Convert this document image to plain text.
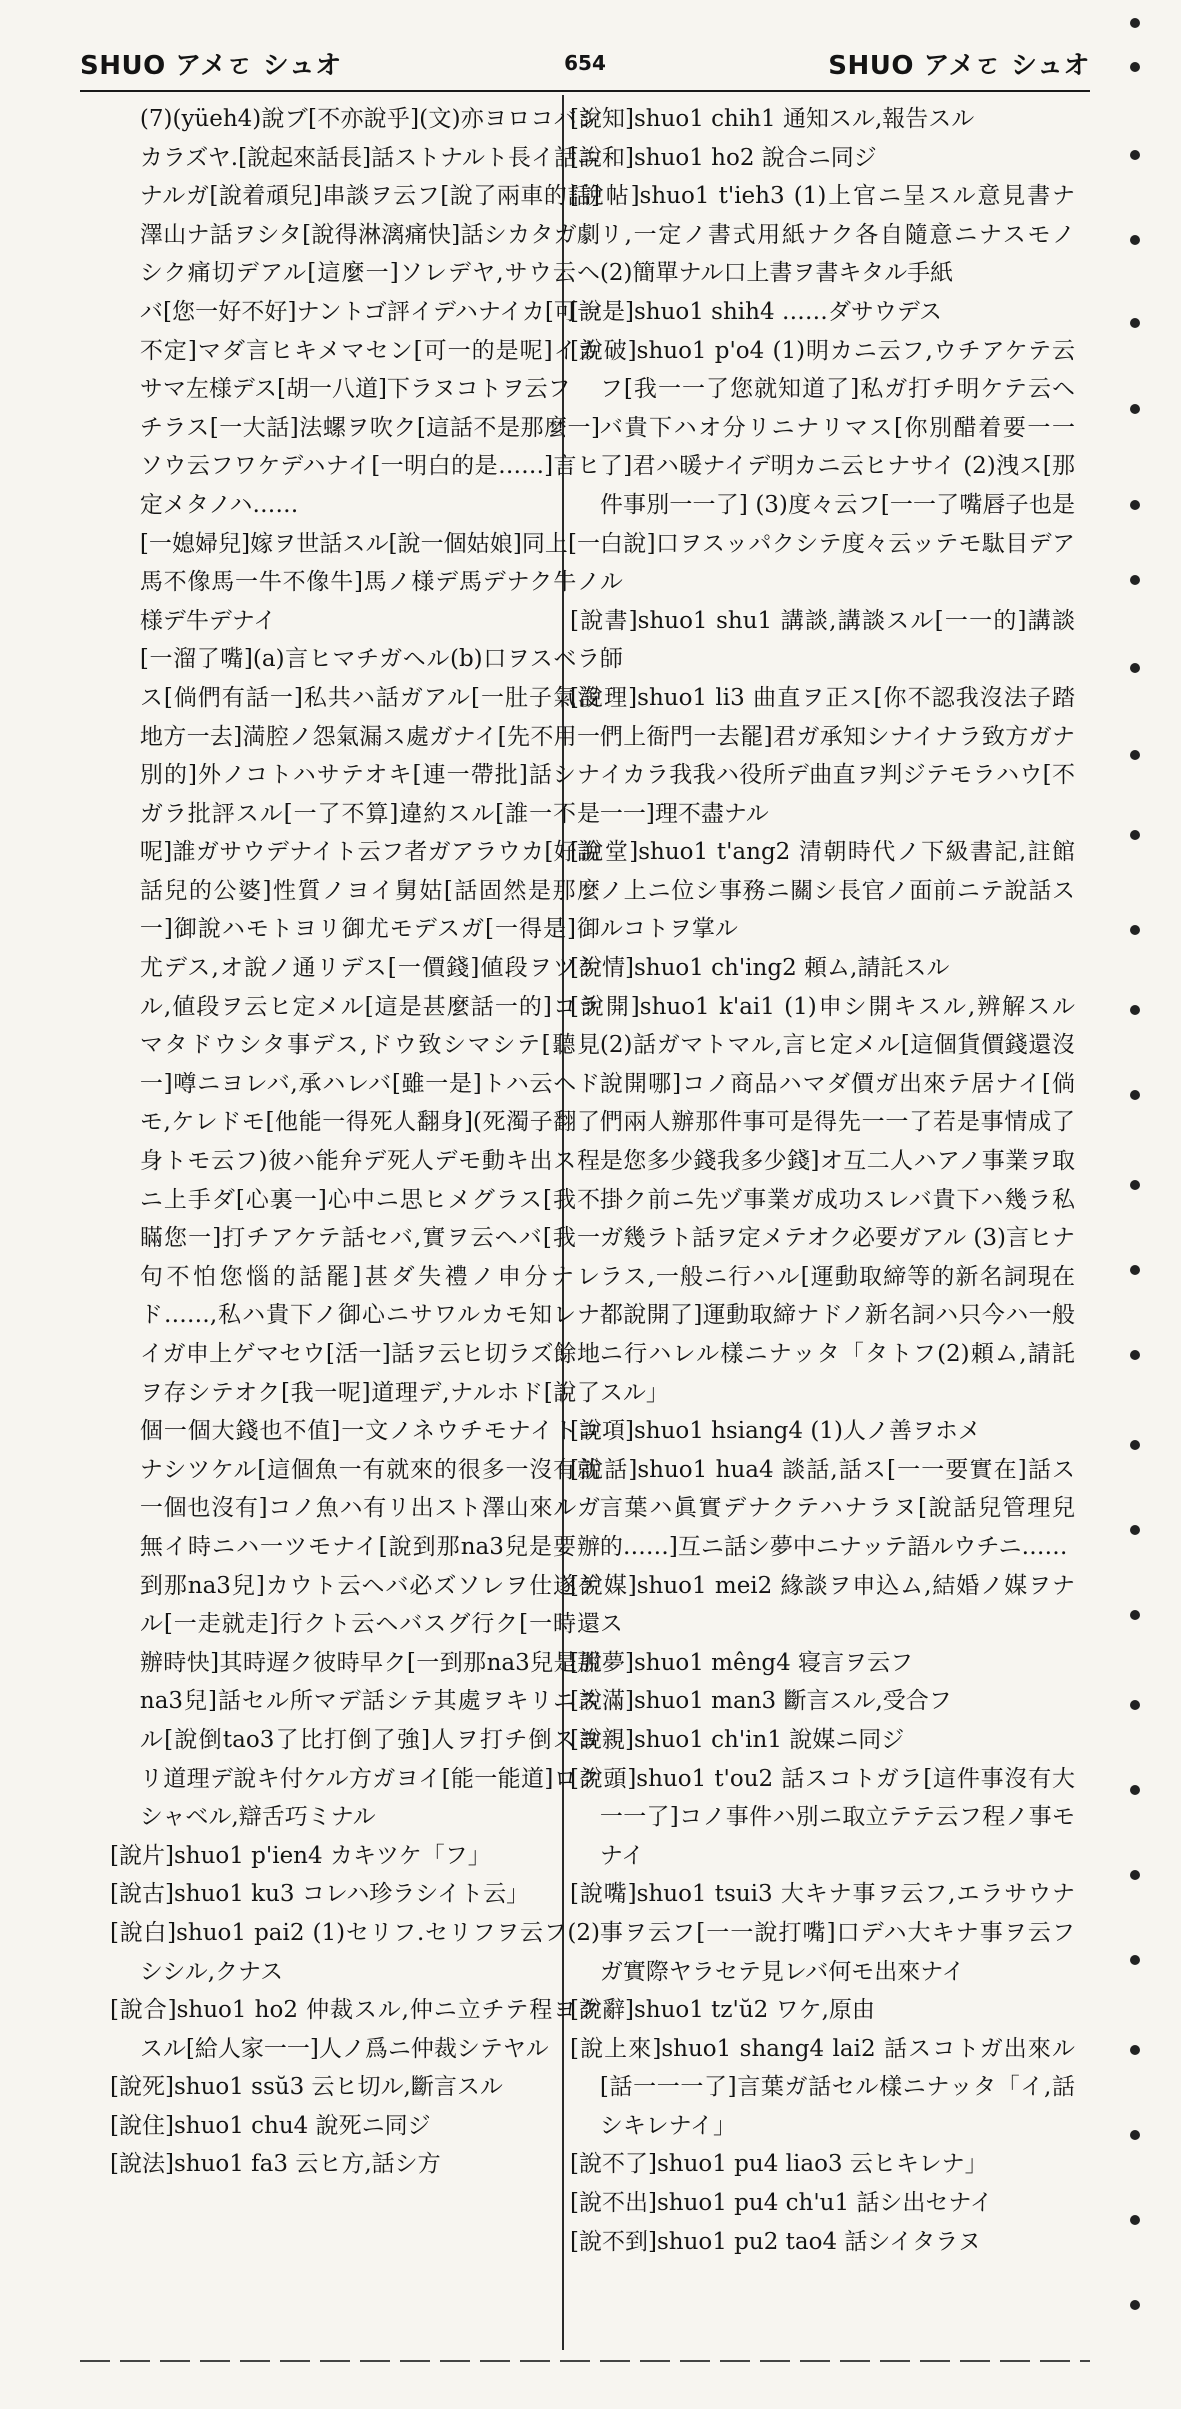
SHUO アメㄛ シュオ	654	SHUO アメㄛ シュオ

(7)(yüeh4)說ブ[不亦說乎](文)亦ヨロコバシカラズヤ.[說起來話長]話ストナルト長イ話ニナルガ[說着頑兒]串談ヲ云フ[說了兩車的話]澤山ナ話ヲシタ[說得淋漓痛快]話シカタガ劇シク痛切デアル[這麼一]ソレデヤ,サウ云ヘバ[您一好不好]ナントゴ評イデハナイカ[可一不定]マダ言ヒキメマセン[可一的是呢]イカサマ左様デス[胡一八道]下ラヌコトヲ云フ

チラス[一大話]法螺ヲ吹ク[這話不是那麼一]ソウ云フワケデハナイ[一明白的是……]言ヒ定メタノハ……

[一媳婦兒]嫁ヲ世話スル[說一個姑娘]同上[一馬不像馬一牛不像牛]馬ノ様デ馬デナク牛ノ様デ牛デナイ

[一溜了嘴](a)言ヒマチガヘル(b)口ヲスベラス[倘們有話一]私共ハ話ガアル[一肚子氣沒地方一去]満腔ノ怨氣漏ス處ガナイ[先不用一別的]外ノコトハサテオキ[連一帶批]話シナガラ批評スル[一了不算]違約スル[誰一不是呢]誰ガサウデナイト云フ者ガアラウカ[好說話兒的公婆]性質ノヨイ舅姑[話固然是那麼一]御說ハモトヨリ御尤モデスガ[一得是]御尤デス,オ說ノ通リデス[一價錢]値段ヲツケル,値段ヲ云ヒ定メル[這是甚麼話一的]コラマタドウシタ事デス,ドウ致シマシテ[聽見一]噂ニヨレバ,承ハレバ[雖一是]トハ云ヘドモ,ケレドモ[他能一得死人翻身](死濁子翻了身トモ云フ)彼ハ能弁デ死人デモ動キ出ス程ニ上手ダ[心裏一]心中ニ思ヒメグラス[我不瞞您一]打チアケテ話セバ,實ヲ云ヘバ[我一句不怕您惱的話罷]甚ダ失禮ノ申分ナレド……,私ハ貴下ノ御心ニサワルカモ知レナイガ申上ゲマセウ[活一]話ヲ云ヒ切ラズ餘地ヲ存シテオク[我一呢]道理デ,ナルホド[說了個一個大錢也不值]一文ノネウチモナイトコナシツケル[這個魚一有就來的很多一沒有就一個也沒有]コノ魚ハ有リ出スト澤山來ルガ無イ時ニハ一ツモナイ[說到那na3兒是要辦到那na3兒]カウト云ヘバ必ズソレヲ仕遂ゲル[一走就走]行クト云ヘバスグ行ク[一時還辦時快]其時遅ク彼時早ク[一到那na3兒是那na3兒]話セル所マデ話シテ其處ヲキリニスル[說倒tao3了比打倒了強]人ヲ打チ倒スヨリ道理デ說キ付ケル方ガヨイ[能一能道]ロクシャベル,辯舌巧ミナル

[說片]shuo1 p'ien4 カキツケ「フ」

[說古]shuo1 ku3 コレハ珍ラシイト云」

[說白]shuo1 pai2 (1)セリフ.セリフヲ云フ(2)シシル,クナス

[說合]shuo1 ho2 仲裁スル,仲ニ立チテ程ヨクスル[給人家一一]人ノ爲ニ仲裁シテヤル

[說死]shuo1 ssŭ3 云ヒ切ル,斷言スル

[說住]shuo1 chu4 說死ニ同ジ

[說法]shuo1 fa3 云ヒ方,話シ方

[說知]shuo1 chih1 通知スル,報告スル

[說和]shuo1 ho2 說合ニ同ジ

[說帖]shuo1 t'ieh3 (1)上官ニ呈スル意見書ナリ,一定ノ書式用紙ナク各自隨意ニナスモノ (2)簡單ナル口上書ヲ書キタル手紙

[說是]shuo1 shih4 ……ダサウデス

[說破]shuo1 p'o4 (1)明カニ云フ,ウチアケテ云フ[我一一了您就知道了]私ガ打チ明ケテ云ヘバ貴下ハオ分リニナリマス[你別醋着要一一了]君ハ暖ナイデ明カニ云ヒナサイ (2)洩ス[那件事別一一了] (3)度々云フ[一一了嘴唇子也是白說]口ヲスッパクシテ度々云ッテモ駄目デアル

[說書]shuo1 shu1 講談,講談スル[一一的]講談師

[說理]shuo1 li3 曲直ヲ正ス[你不認我沒法子踏們上衙門一去罷]君ガ承知シナイナラ致方ガナイカラ我我ハ役所デ曲直ヲ判ジテモラハウ[不一一]理不盡ナル

[說堂]shuo1 t'ang2 清朝時代ノ下級書記,註館ノ上ニ位シ事務ニ關シ長官ノ面前ニテ說話スルコトヲ掌ル

[說情]shuo1 ch'ing2 頼ム,請託スル

[說開]shuo1 k'ai1 (1)申シ開キスル,辨解スル (2)話ガマトマル,言ヒ定メル[這個貨價錢還沒說開哪]コノ商品ハマダ價ガ出來テ居ナイ[倘們兩人辦那件事可是得先一一了若是事情成了是您多少錢我多少錢]オ互二人ハアノ事業ヲ取掛ク前ニ先ヅ事業ガ成功スレバ貴下ハ幾ラ私ガ幾ラト話ヲ定メテオク必要ガアル (3)言ヒナラス,一般ニ行ハル[運動取締等的新名詞現在都說開了]運動取締ナドノ新名詞ハ只今ハ一般ニ行ハレル樣ニナッタ「タトフ(2)頼ム,請託スル」

[說項]shuo1 hsiang4 (1)人ノ善ヲホメ

[說話]shuo1 hua4 談話,話ス[一一要實在]話ス言葉ハ眞實デナクテハナラヌ[說話兒管理兒的……]互ニ話シ夢中ニナッテ語ルウチニ……

[說媒]shuo1 mei2 緣談ヲ申込ム,結婚ノ媒ヲナス

[說夢]shuo1 mêng4 寝言ヲ云フ

[說滿]shuo1 man3 斷言スル,受合フ

[說親]shuo1 ch'in1 說媒ニ同ジ

[說頭]shuo1 t'ou2 話スコトガラ[這件事沒有大一一了]コノ事件ハ別ニ取立テテ云フ程ノ事モナイ

[說嘴]shuo1 tsui3 大キナ事ヲ云フ,エラサウナ事ヲ云フ[一一說打嘴]口デハ大キナ事ヲ云フガ實際ヤラセテ見レバ何モ出來ナイ

[說辭]shuo1 tz'ŭ2 ワケ,原由

[說上來]shuo1 shang4 lai2 話スコトガ出來ル[話一一一了]言葉ガ話セル樣ニナッタ「イ,話シキレナイ」

[說不了]shuo1 pu4 liao3 云ヒキレナ」

[說不出]shuo1 pu4 ch'u1 話シ出セナイ

[說不到]shuo1 pu2 tao4 話シイタラヌ
